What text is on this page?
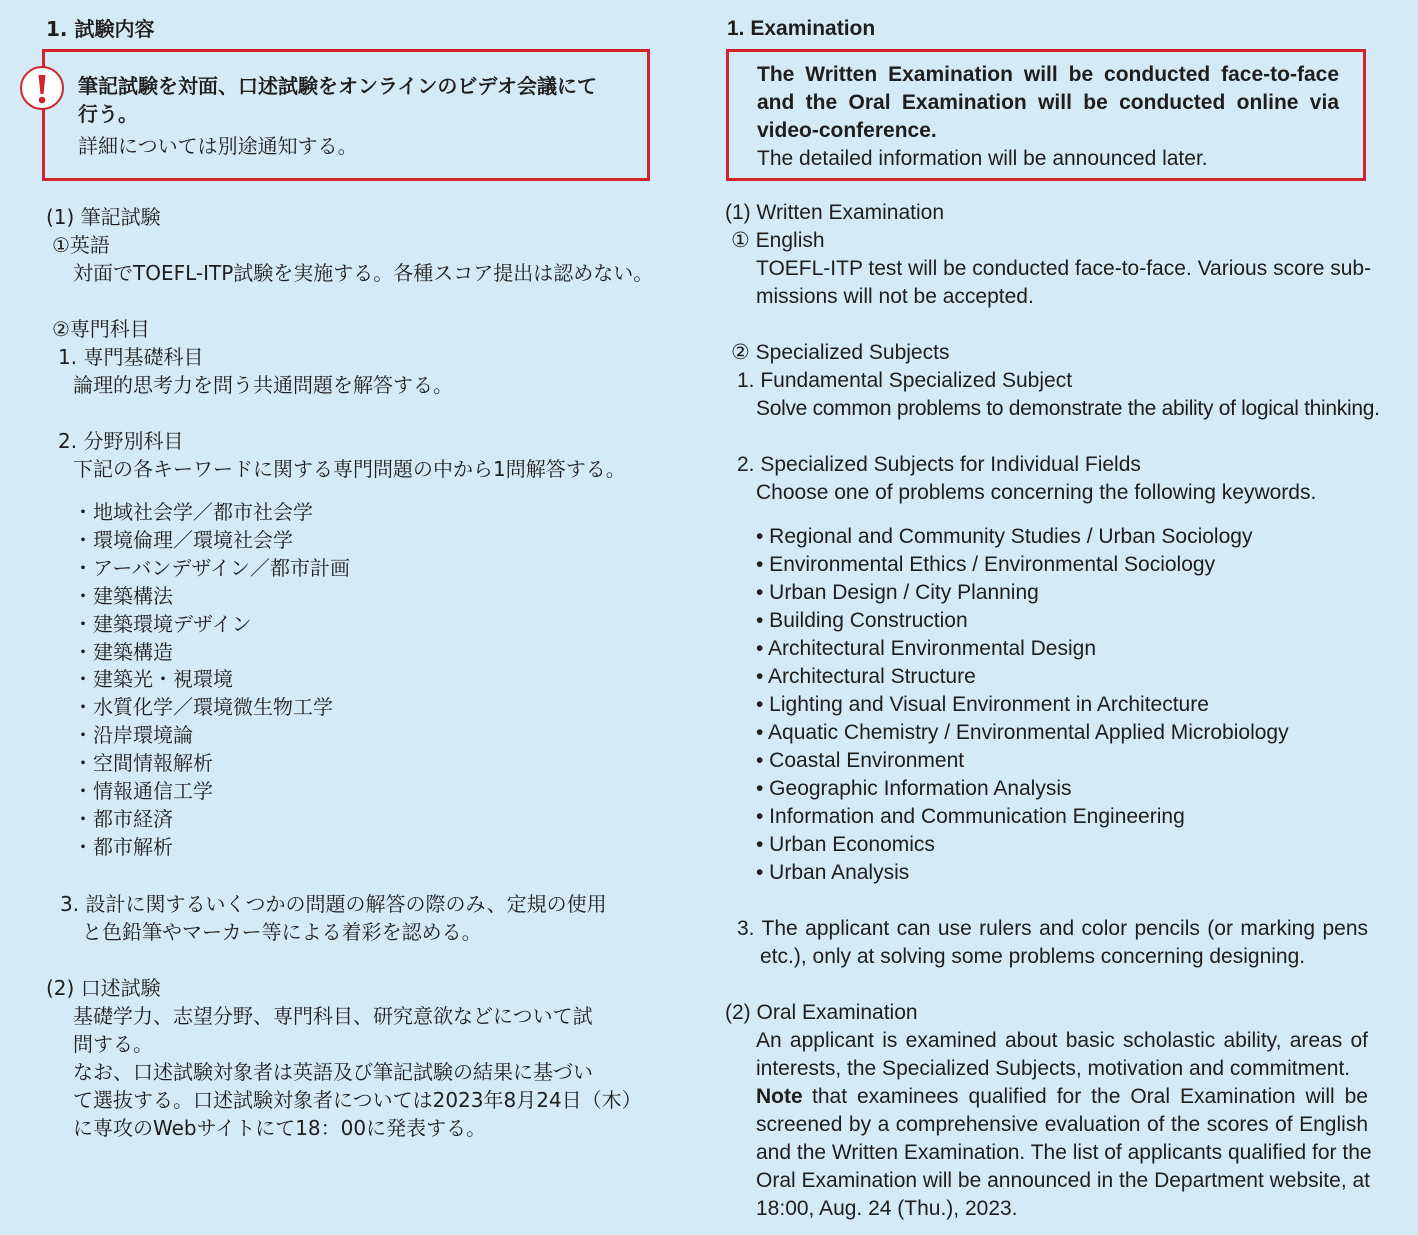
1. 試験内容
筆記試験を対面、口述試験をオンラインのビデオ会議にて
行う。
詳細については別途通知する。
(1) 筆記試験
①英語
対面でTOEFL-ITP試験を実施する。各種スコア提出は認めない。
②専門科目
1. 専門基礎科目
論理的思考力を問う共通問題を解答する。
2. 分野別科目
下記の各キーワードに関する専門問題の中から1問解答する。
・地域社会学／都市社会学
・環境倫理／環境社会学
・アーバンデザイン／都市計画
・建築構法
・建築環境デザイン
・建築構造
・建築光・視環境
・水質化学／環境微生物工学
・沿岸環境論
・空間情報解析
・情報通信工学
・都市経済
・都市解析
3. 設計に関するいくつかの問題の解答の際のみ、定規の使用
と色鉛筆やマーカー等による着彩を認める。
(2) 口述試験
基礎学力、志望分野、専門科目、研究意欲などについて試
問する。
なお、口述試験対象者は英語及び筆記試験の結果に基づい
て選抜する。口述試験対象者については2023年8月24日（木）
に専攻のWebサイトにて18：00に発表する。
1. Examination
The Written Examination will be conducted face-to-face
and the Oral Examination will be conducted online via
video-conference.
The detailed information will be announced later.
(1) Written Examination
① English
TOEFL-ITP test will be conducted face-to-face. Various score sub-
missions will not be accepted.
② Specialized Subjects
1. Fundamental Specialized Subject
Solve common problems to demonstrate the ability of logical thinking.
2. Specialized Subjects for Individual Fields
Choose one of problems concerning the following keywords.
• Regional and Community Studies / Urban Sociology
• Environmental Ethics / Environmental Sociology
• Urban Design / City Planning
• Building Construction
• Architectural Environmental Design
• Architectural Structure
• Lighting and Visual Environment in Architecture
• Aquatic Chemistry / Environmental Applied Microbiology
• Coastal Environment
• Geographic Information Analysis
• Information and Communication Engineering
• Urban Economics
• Urban Analysis
3. The applicant can use rulers and color pencils (or marking pens
etc.), only at solving some problems concerning designing.
(2) Oral Examination
An applicant is examined about basic scholastic ability, areas of
interests, the Specialized Subjects, motivation and commitment.
Note that examinees qualified for the Oral Examination will be
screened by a comprehensive evaluation of the scores of English
and the Written Examination. The list of applicants qualified for the
Oral Examination will be announced in the Department website, at
18:00, Aug. 24 (Thu.), 2023.
